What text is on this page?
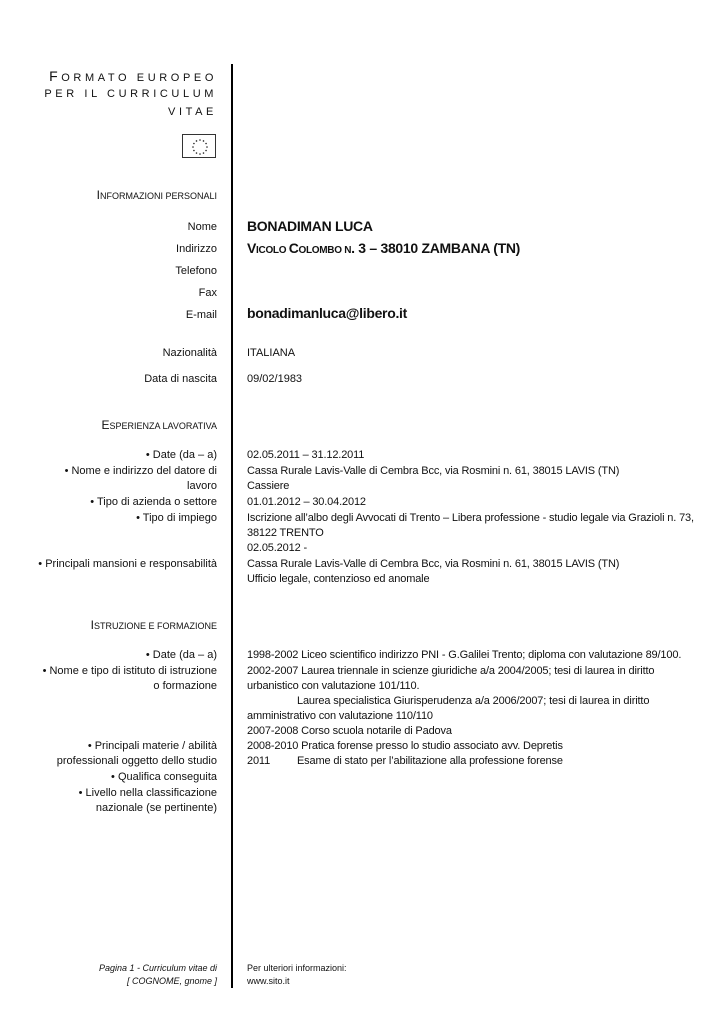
FORMATO EUROPEO
PER IL CURRICULUM
VITAE
INFORMAZIONI PERSONALI
Nome BONADIMAN LUCA
Indirizzo VICOLO COLOMBO N. 3 – 38010 ZAMBANA (TN)
Telefono
Fax
E-mail bonadimanluca@libero.it
Nazionalità	ITALIANA
Data di nascita	09/02/1983
ESPERIENZA LAVORATIVA
• Date (da – a)
• Nome e indirizzo del datore di
lavoro
• Tipo di azienda o settore
• Tipo di impiego
• Principali mansioni e responsabilità
02.05.2011 – 31.12.2011
Cassa Rurale Lavis-Valle di Cembra Bcc, via Rosmini n. 61, 38015 LAVIS (TN)
Cassiere
01.01.2012 – 30.04.2012
Iscrizione all’albo degli Avvocati di Trento – Libera professione - studio legale via Grazioli n. 73,
38122 TRENTO
02.05.2012 -
Cassa Rurale Lavis-Valle di Cembra Bcc, via Rosmini n. 61, 38015 LAVIS (TN)
Ufficio legale, contenzioso ed anomale
ISTRUZIONE E FORMAZIONE
• Date (da – a)
• Nome e tipo di istituto di istruzione
o formazione
• Principali materie / abilità
professionali oggetto dello studio
• Qualifica conseguita
• Livello nella classificazione
nazionale (se pertinente)
1998-2002 Liceo scientifico indirizzo PNI - G.Galilei Trento; diploma con valutazione 89/100.
2002-2007 Laurea triennale in scienze giuridiche a/a 2004/2005; tesi di laurea in diritto
urbanistico con valutazione 101/110.
Laurea specialistica Giurisperudenza a/a 2006/2007; tesi di laurea in diritto
amministrativo con valutazione 110/110
2007-2008 Corso scuola notarile di Padova
2008-2010 Pratica forense presso lo studio associato avv. Depretis
2011 Esame di stato per l’abilitazione alla professione forense
Pagina 1 - Curriculum vitae di
[ COGNOME, gnome ]
Per ulteriori informazioni:
www.sito.it
